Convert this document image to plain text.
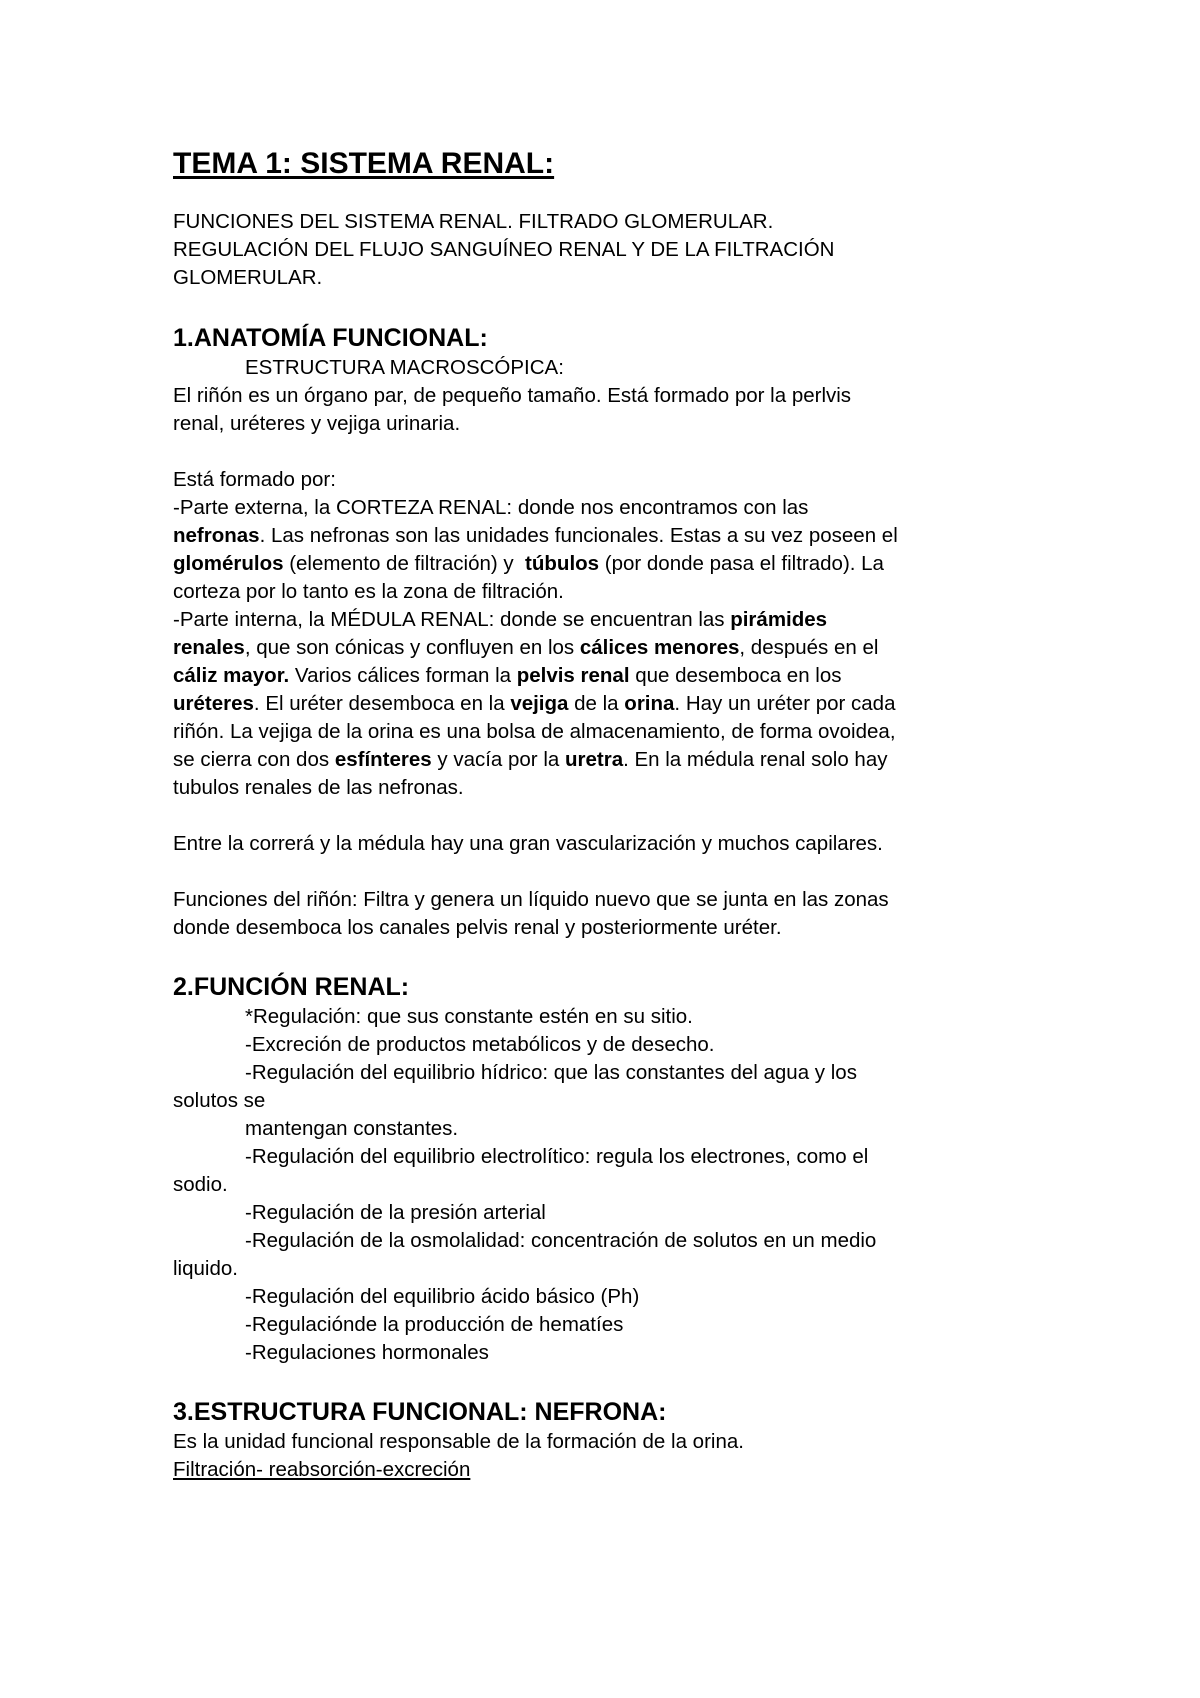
TEMA 1: SISTEMA RENAL:
FUNCIONES DEL SISTEMA RENAL. FILTRADO GLOMERULAR.
REGULACIÓN DEL FLUJO SANGUÍNEO RENAL Y DE LA FILTRACIÓN
GLOMERULAR.
1.ANATOMÍA FUNCIONAL:
ESTRUCTURA MACROSCÓPICA:
El riñón es un órgano par, de pequeño tamaño. Está formado por la perlvis
renal, uréteres y vejiga urinaria.
Está formado por:
-Parte externa, la CORTEZA RENAL: donde nos encontramos con las
nefronas. Las nefronas son las unidades funcionales. Estas a su vez poseen el
glomérulos (elemento de filtración) y  túbulos (por donde pasa el filtrado). La
corteza por lo tanto es la zona de filtración.
-Parte interna, la MÉDULA RENAL: donde se encuentran las pirámides
renales, que son cónicas y confluyen en los cálices menores, después en el
cáliz mayor. Varios cálices forman la pelvis renal que desemboca en los
uréteres. El uréter desemboca en la vejiga de la orina. Hay un uréter por cada
riñón. La vejiga de la orina es una bolsa de almacenamiento, de forma ovoidea,
se cierra con dos esfínteres y vacía por la uretra. En la médula renal solo hay
tubulos renales de las nefronas.
Entre la correrá y la médula hay una gran vascularización y muchos capilares.
Funciones del riñón: Filtra y genera un líquido nuevo que se junta en las zonas
donde desemboca los canales pelvis renal y posteriormente uréter.
2.FUNCIÓN RENAL:
*Regulación: que sus constante estén en su sitio.
-Excreción de productos metabólicos y de desecho.
-Regulación del equilibrio hídrico: que las constantes del agua y los
solutos se
mantengan constantes.
-Regulación del equilibrio electrolítico: regula los electrones, como el
sodio.
-Regulación de la presión arterial
-Regulación de la osmolalidad: concentración de solutos en un medio
liquido.
-Regulación del equilibrio ácido básico (Ph)
-Regulaciónde la producción de hematíes
-Regulaciones hormonales
3.ESTRUCTURA FUNCIONAL: NEFRONA:
Es la unidad funcional responsable de la formación de la orina.
Filtración- reabsorción-excreción
